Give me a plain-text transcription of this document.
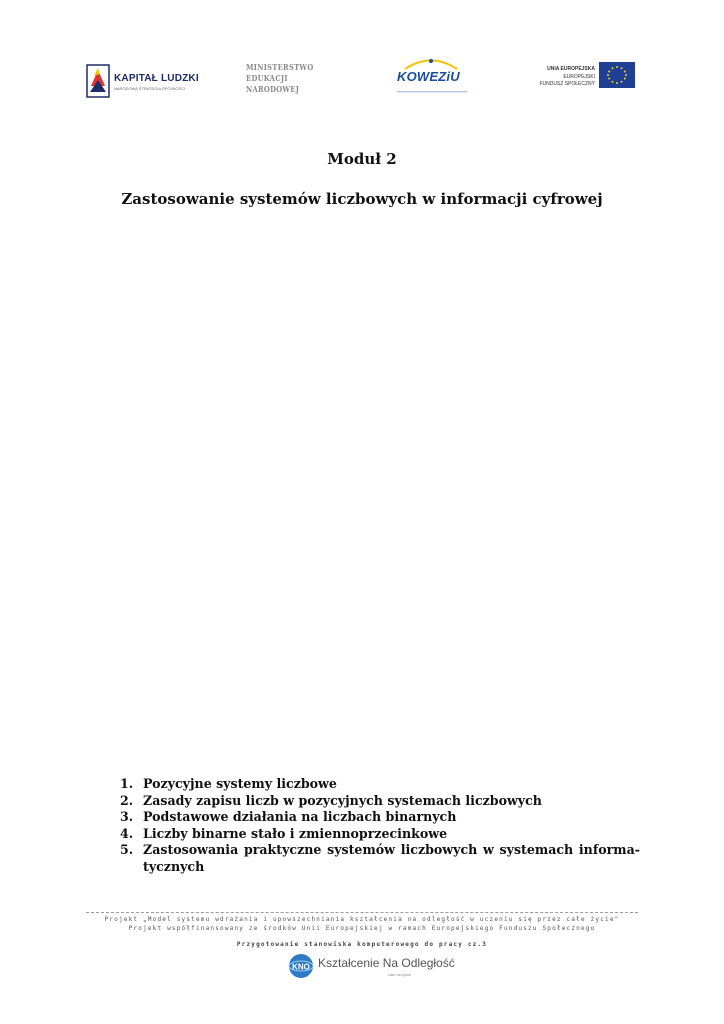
KAPITAŁ LUDZKI
NARODOWA STRATEGIA SPÓJNOŚCI
MINISTERSTWO
EDUKACJI
NARODOWEJ
KOWEZiU	UNIA EUROPEJSKA
EUROPEJSKI
FUNDUSZ SPOŁECZNY
Moduł 2
Zastosowanie systemów liczbowych w informacji cyfrowej
1. Pozycyjne systemy liczbowe
2. Zasady zapisu liczb w pozycyjnych systemach liczbowych
3. Podstawowe działania na liczbach binarnych
4. Liczby binarne stało i zmiennoprzecinkowe
5. Zastosowania praktyczne systemów liczbowych w systemach informa-tycznych
Projekt „Model systemu wdrażania i upowszechniania kształcenia na odległość w uczeniu się przez całe życie"
Projekt współfinansowany ze środków Unii Europejskiej w ramach Europejskiego Funduszu Społecznego
Przygotowanie stanowiska komputerowego do pracy cz.3
KNO Kształcenie Na Odległość
cało na życie
